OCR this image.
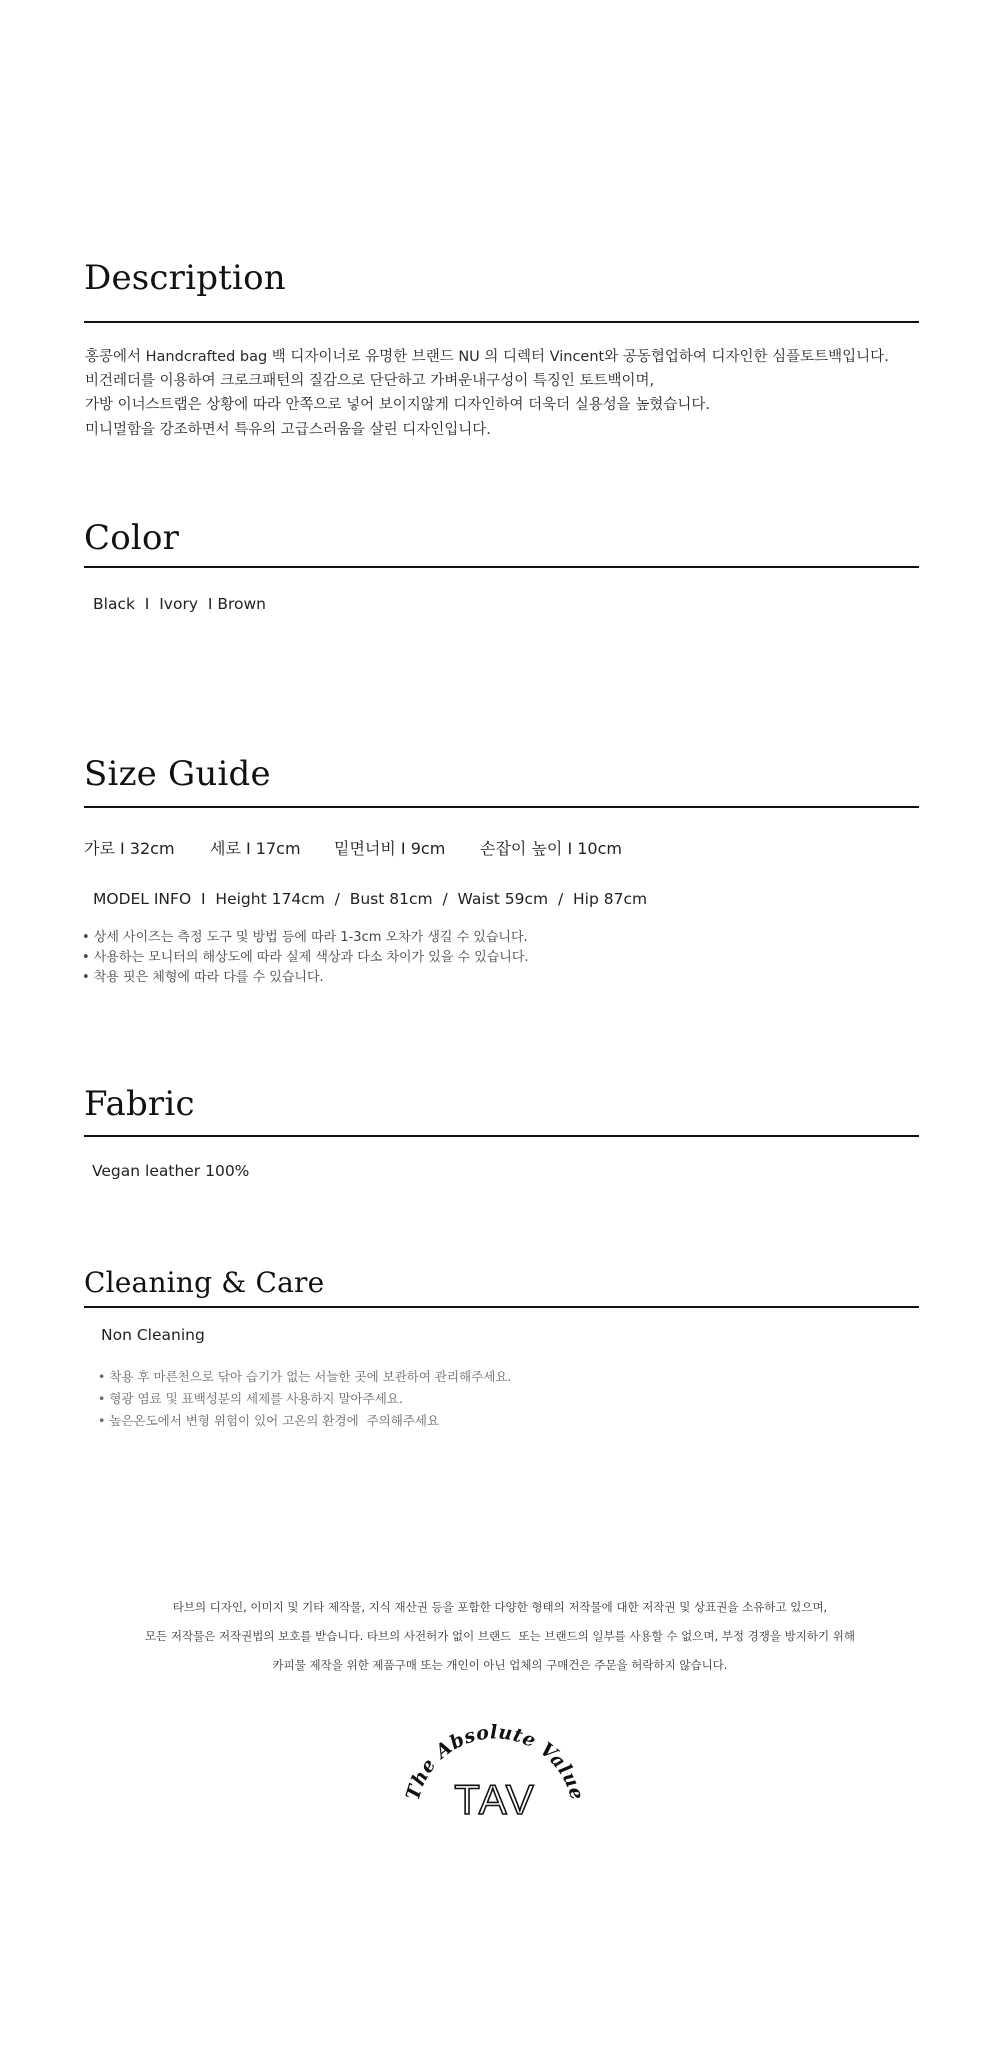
Description
홍콩에서 Handcrafted bag 백 디자이너로 유명한 브랜드 NU 의 디렉터 Vincent와 공동협업하여 디자인한 심플토트백입니다.
비건레더를 이용하여 크로크패턴의 질감으로 단단하고 가벼운내구성이 특징인 토트백이며,
가방 이너스트랩은 상황에 따라 안쪽으로 넣어 보이지않게 디자인하여 더욱더 실용성을 높혔습니다.
미니멀함을 강조하면서 특유의 고급스러움을 살린 디자인입니다.
Color
Black  I  Ivory  I Brown
Size Guide
가로 I 32cm 세로 I 17cm 밑면너비 I 9cm 손잡이 높이 I 10cm
MODEL INFO  I  Height 174cm  /  Bust 81cm  /  Waist 59cm  /  Hip 87cm
• 상세 사이즈는 측정 도구 및 방법 등에 따라 1-3cm 오차가 생길 수 있습니다.
• 사용하는 모니터의 해상도에 따라 실제 색상과 다소 차이가 있을 수 있습니다.
• 착용 핏은 체형에 따라 다를 수 있습니다.
Fabric
Vegan leather 100%
Cleaning & Care
Non Cleaning
• 착용 후 마른천으로 닦아 습기가 없는 서늘한 곳에 보관하여 관리해주세요.
• 형광 염료 및 표백성분의 세제를 사용하지 말아주세요.
• 높은온도에서 변형 위험이 있어 고온의 환경에  주의해주세요
타브의 디자인, 이미지 및 기타 제작물, 지식 재산권 등을 포함한 다양한 형태의 저작물에 대한 저작권 및 상표권을 소유하고 있으며,
모든 저작물은 저작권법의 보호를 받습니다. 타브의 사전허가 없이 브랜드  또는 브랜드의 일부를 사용할 수 없으며, 부정 경쟁을 방지하기 위해
카피물 제작을 위한 제품구매 또는 개인이 아닌 업체의 구매건은 주문을 허락하지 않습니다.
The Absolute Value
TAV
